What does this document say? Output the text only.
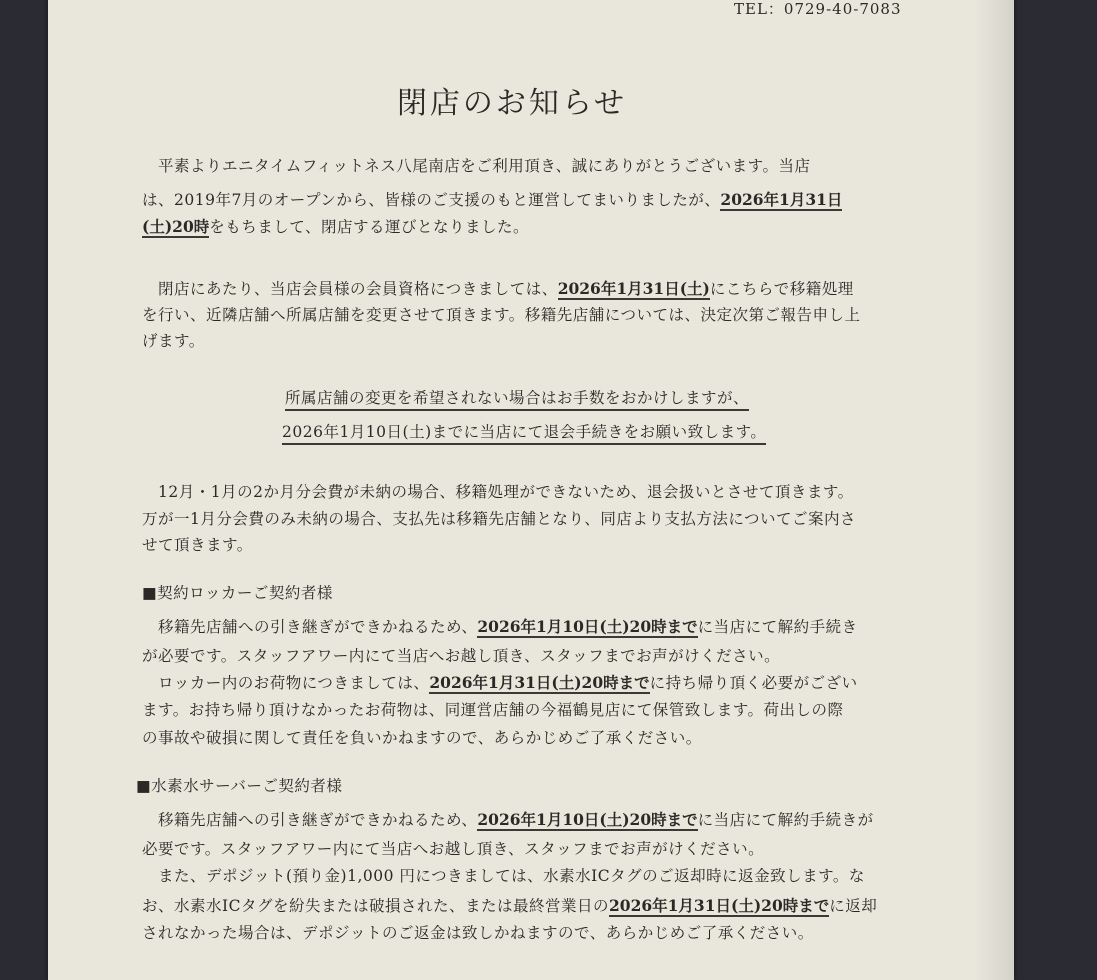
TEL：0729-40-7083
閉店のお知らせ
　平素よりエニタイムフィットネス八尾南店をご利用頂き、誠にありがとうございます。当店
は、2019年7月のオープンから、皆様のご支援のもと運営してまいりましたが、2026年1月31日
(土)20時をもちまして、閉店する運びとなりました。
　閉店にあたり、当店会員様の会員資格につきましては、2026年1月31日(土)にこちらで移籍処理
を行い、近隣店舗へ所属店舗を変更させて頂きます。移籍先店舗については、決定次第ご報告申し上
げます。
所属店舗の変更を希望されない場合はお手数をおかけしますが、
2026年1月10日(土)までに当店にて退会手続きをお願い致します。
　12月・1月の2か月分会費が未納の場合、移籍処理ができないため、退会扱いとさせて頂きます。
万が一1月分会費のみ未納の場合、支払先は移籍先店舗となり、同店より支払方法についてご案内さ
せて頂きます。
■契約ロッカーご契約者様
　移籍先店舗への引き継ぎができかねるため、2026年1月10日(土)20時までに当店にて解約手続き
が必要です。スタッフアワー内にて当店へお越し頂き、スタッフまでお声がけください。
　ロッカー内のお荷物につきましては、2026年1月31日(土)20時までに持ち帰り頂く必要がござい
ます。お持ち帰り頂けなかったお荷物は、同運営店舗の今福鶴見店にて保管致します。荷出しの際
の事故や破損に関して責任を負いかねますので、あらかじめご了承ください。
■水素水サーバーご契約者様
　移籍先店舗への引き継ぎができかねるため、2026年1月10日(土)20時までに当店にて解約手続きが
必要です。スタッフアワー内にて当店へお越し頂き、スタッフまでお声がけください。
　また、デポジット(預り金)1,000 円につきましては、水素水ICタグのご返却時に返金致します。な
お、水素水ICタグを紛失または破損された、または最終営業日の2026年1月31日(土)20時までに返却
されなかった場合は、デポジットのご返金は致しかねますので、あらかじめご了承ください。
